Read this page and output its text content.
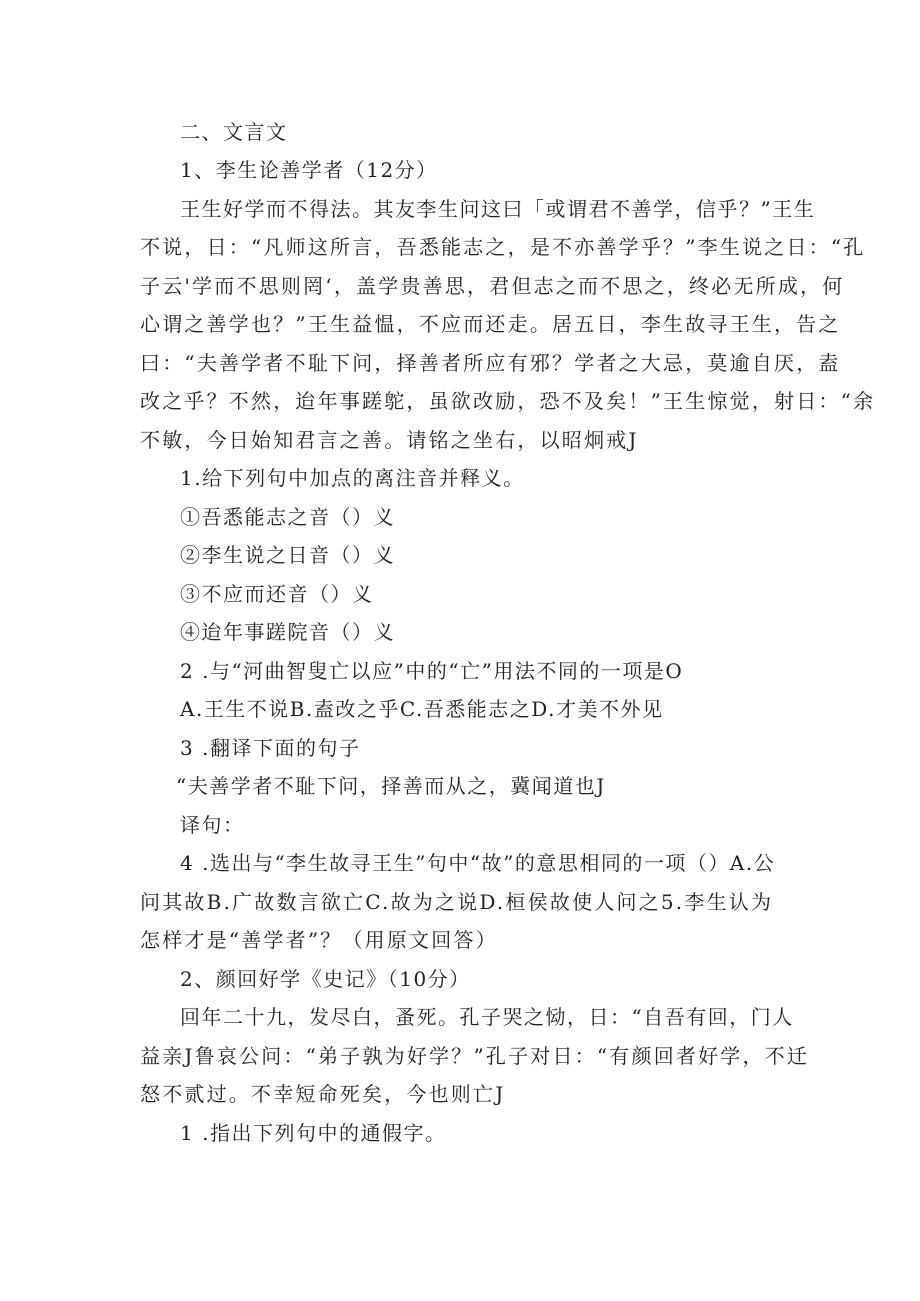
二、文言文
1、李生论善学者（12分）
王生好学而不得法。其友李生问这曰「或谓君不善学，信乎？”王生
不说，日：“凡师这所言，吾悉能志之，是不亦善学乎？”李生说之日：“孔
子云'学而不思则罔‘，盖学贵善思，君但志之而不思之，终必无所成，何
心谓之善学也？”王生益愠，不应而还走。居五日，李生故寻王生，告之
曰：“夫善学者不耻下问，择善者所应有邪？学者之大忌，莫逾自厌，盍
改之乎？不然，迨年事蹉鸵，虽欲改励，恐不及矣！”王生惊觉，射日：“余
不敏，今日始知君言之善。请铭之坐右，以昭炯戒J
1.给下列句中加点的离注音并释义。
①吾悉能志之音（）义
②李生说之日音（）义
③不应而还音（）义
④迨年事蹉院音（）义
2 .与“河曲智叟亡以应”中的“亡”用法不同的一项是O
A.王生不说B.盍改之乎C.吾悉能志之D.才美不外见
3 .翻译下面的句子
“夫善学者不耻下问，择善而从之，冀闻道也J
译句：
4 .选出与“李生故寻王生”句中“故”的意思相同的一项（）A.公
问其故B.广故数言欲亡C.故为之说D.桓侯故使人问之5.李生认为
怎样才是“善学者”？（用原文回答）
2、颜回好学《史记》（10分）
回年二十九，发尽白，蚤死。孔子哭之恸，日：“自吾有回，门人
益亲J鲁哀公问：“弟子孰为好学？”孔子对日：“有颜回者好学，不迁
怒不贰过。不幸短命死矣，今也则亡J
1 .指出下列句中的通假字。
